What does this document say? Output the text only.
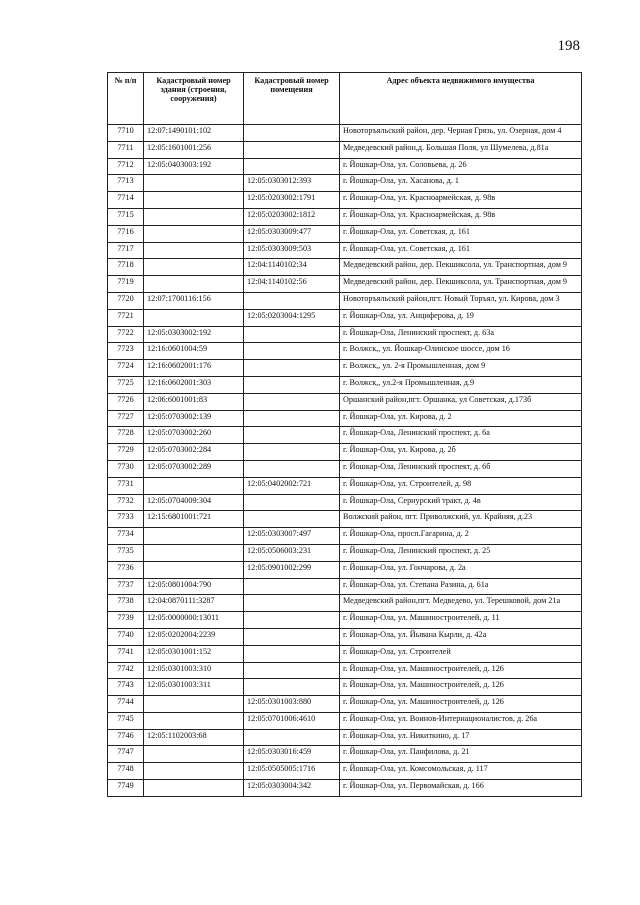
198
№ п/п	Кадастровый номер здания (строения, сооружения)	Кадастровый номер помещения	Адрес объекта недвижимого имущества
7710	12:07:1490101:102		Новоторъяльский район, дер. Черная Грязь, ул. Озерная, дом 4
7711	12:05:1601001:256		Медведевский район,д. Большая Поля, ул Шумелева, д.81а
7712	12:05:0403003:192		г. Йошкар-Ола, ул. Соловьева, д. 26
7713		12:05:0303012:393	г. Йошкар-Ола, ул. Хасанова, д. 1
7714		12:05:0203002:1791	г. Йошкар-Ола, ул. Красноармейская, д. 98в
7715		12:05:0203002:1812	г. Йошкар-Ола, ул. Красноармейская, д. 98в
7716		12:05:0303009:477	г. Йошкар-Ола, ул. Советская, д. 161
7717		12:05:0303009:503	г. Йошкар-Ола, ул. Советская, д. 161
7718		12:04:1140102:34	Медведевский район, дер. Пекшиксола, ул. Транспортная, дом 9
7719		12:04:1140102:56	Медведевский район, дер. Пекшиксола, ул. Транспортная, дом 9
7720	12:07:1700116:156		Новоторъяльский район,пгт. Новый Торъял, ул. Кирова, дом 3
7721		12:05:0203004:1295	г. Йошкар-Ола, ул. Анциферова, д. 19
7722	12:05:0303002:192		г. Йошкар-Ола, Ленинский проспект, д. 63а
7723	12:16:0601004:59		г. Волжск,, ул. Йошкар-Олинское шоссе, дом 16
7724	12:16:0602001:176		г. Волжск,, ул. 2-я Промышленная, дом 9
7725	12:16:0602001:303		г. Волжск,, ул.2-я Промышленная, д.9
7726	12:06:6001001:83		Оршанский район,пгт. Оршанка, ул Советская, д.173б
7727	12:05:0703002:139		г. Йошкар-Ола, ул. Кирова, д. 2
7728	12:05:0703002:260		г. Йошкар-Ола, Ленинский проспект, д. 6а
7729	12:05:0703002:284		г. Йошкар-Ола, ул. Кирова, д. 2б
7730	12:05:0703002:289		г. Йошкар-Ола, Ленинский проспект, д. 6б
7731		12:05:0402002:721	г. Йошкар-Ола, ул. Строителей, д. 98
7732	12:05:0704009:304		г. Йошкар-Ола, Сернурский тракт, д. 4в
7733	12:15:6801001:721		Волжский район, пгт. Приволжский, ул. Крайняя, д.23
7734		12:05:0303007:497	г. Йошкар-Ола, просп.Гагарина, д. 2
7735		12:05:0506003:231	г. Йошкар-Ола, Ленинский проспект, д. 25
7736		12:05:0901002:299	г. Йошкар-Ола, ул. Гончарова, д. 2а
7737	12:05:0801004:790		г. Йошкар-Ола, ул. Степана Разина, д. 61а
7738	12:04:0870111:3287		Медведевский район,пгт. Медведево, ул. Терешковой, дом 21а
7739	12:05:0000000:13011		г. Йошкар-Ола, ул. Машиностроителей, д. 11
7740	12:05:0202004:2239		г. Йошкар-Ола, ул. Йывана Кырли, д. 42а
7741	12:05:0301001:152		г. Йошкар-Ола, ул. Строителей
7742	12:05:0301003:310		г. Йошкар-Ола, ул. Машиностроителей, д. 126
7743	12:05:0301003:311		г. Йошкар-Ола, ул. Машиностроителей, д. 126
7744		12:05:0301003:880	г. Йошкар-Ола, ул. Машиностроителей, д. 126
7745		12:05:0701006:4610	г. Йошкар-Ола, ул. Воинов-Интернационалистов, д. 26а
7746	12:05:1102003:68		г. Йошкар-Ола, ул. Никиткино, д. 17
7747		12:05:0303016:459	г. Йошкар-Ола, ул. Панфилова, д. 21
7748		12:05:0505005:1716	г. Йошкар-Ола, ул. Комсомольская, д. 117
7749		12:05:0303004:342	г. Йошкар-Ола, ул. Первомайская, д. 166
